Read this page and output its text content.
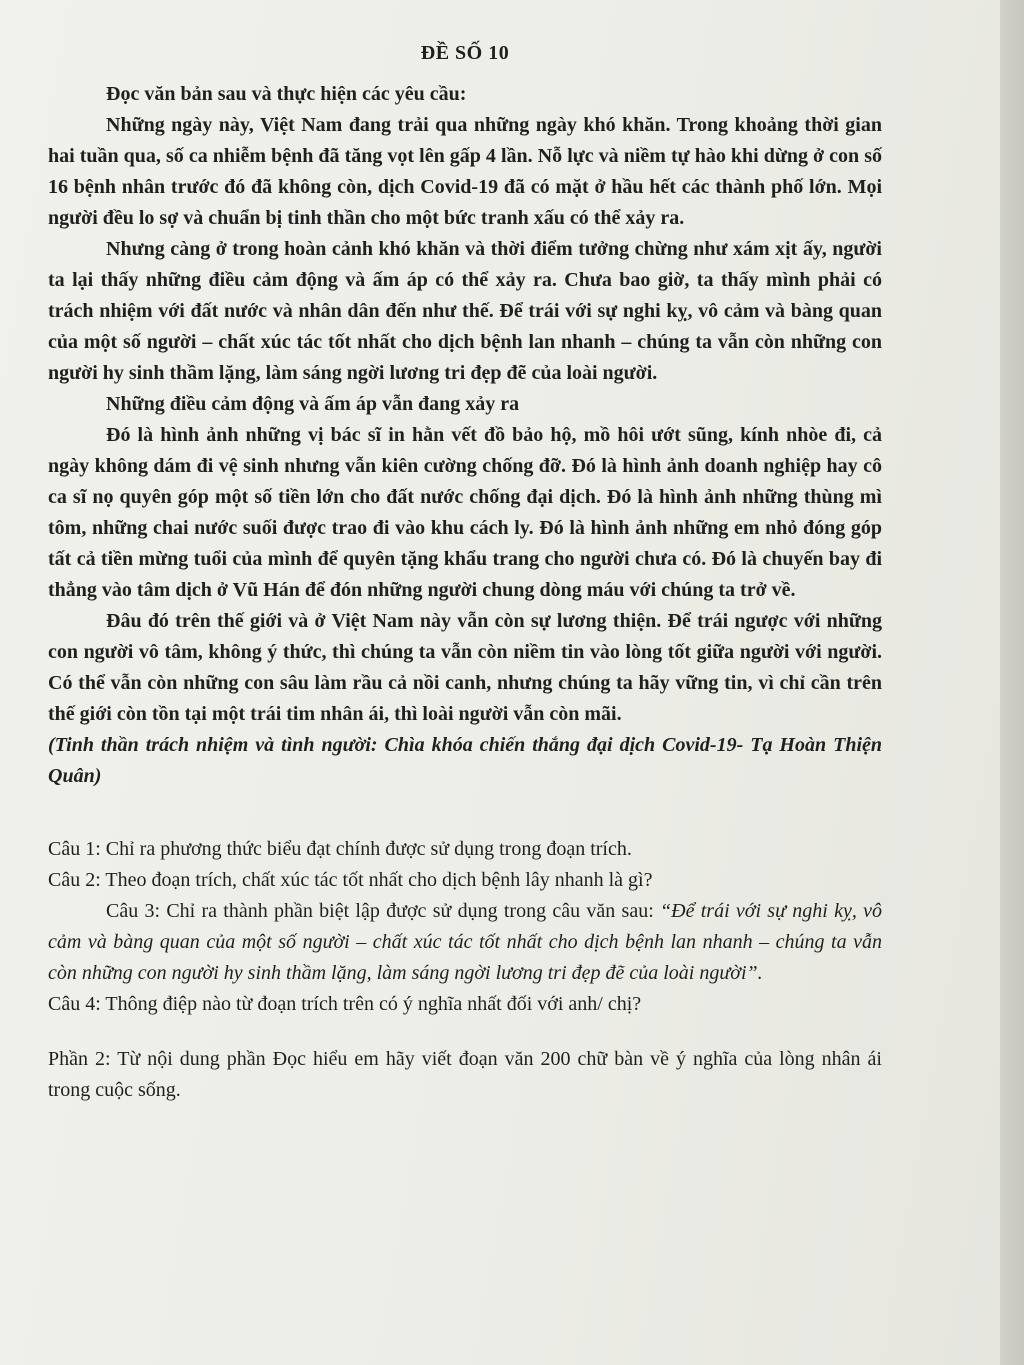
ĐỀ SỐ 10

Đọc văn bản sau và thực hiện các yêu cầu:

Những ngày này, Việt Nam đang trải qua những ngày khó khăn. Trong khoảng thời gian hai tuần qua, số ca nhiễm bệnh đã tăng vọt lên gấp 4 lần. Nỗ lực và niềm tự hào khi dừng ở con số 16 bệnh nhân trước đó đã không còn, dịch Covid-19 đã có mặt ở hầu hết các thành phố lớn. Mọi người đều lo sợ và chuẩn bị tinh thần cho một bức tranh xấu có thể xảy ra.

Nhưng càng ở trong hoàn cảnh khó khăn và thời điểm tưởng chừng như xám xịt ấy, người ta lại thấy những điều cảm động và ấm áp có thể xảy ra. Chưa bao giờ, ta thấy mình phải có trách nhiệm với đất nước và nhân dân đến như thế. Để trái với sự nghi kỵ, vô cảm và bàng quan của một số người – chất xúc tác tốt nhất cho dịch bệnh lan nhanh – chúng ta vẫn còn những con người hy sinh thầm lặng, làm sáng ngời lương tri đẹp đẽ của loài người.

Những điều cảm động và ấm áp vẫn đang xảy ra

Đó là hình ảnh những vị bác sĩ in hằn vết đồ bảo hộ, mồ hôi ướt sũng, kính nhòe đi, cả ngày không dám đi vệ sinh nhưng vẫn kiên cường chống đỡ. Đó là hình ảnh doanh nghiệp hay cô ca sĩ nọ quyên góp một số tiền lớn cho đất nước chống đại dịch. Đó là hình ảnh những thùng mì tôm, những chai nước suối được trao đi vào khu cách ly. Đó là hình ảnh những em nhỏ đóng góp tất cả tiền mừng tuổi của mình để quyên tặng khẩu trang cho người chưa có. Đó là chuyến bay đi thẳng vào tâm dịch ở Vũ Hán để đón những người chung dòng máu với chúng ta trở về.

Đâu đó trên thế giới và ở Việt Nam này vẫn còn sự lương thiện. Để trái ngược với những con người vô tâm, không ý thức, thì chúng ta vẫn còn niềm tin vào lòng tốt giữa người với người. Có thể vẫn còn những con sâu làm rầu cả nồi canh, nhưng chúng ta hãy vững tin, vì chỉ cần trên thế giới còn tồn tại một trái tim nhân ái, thì loài người vẫn còn mãi.

(Tinh thần trách nhiệm và tình người: Chìa khóa chiến thắng đại dịch Covid-19- Tạ Hoàn Thiện Quân)

Câu 1: Chỉ ra phương thức biểu đạt chính được sử dụng trong đoạn trích.

Câu 2: Theo đoạn trích, chất xúc tác tốt nhất cho dịch bệnh lây nhanh là gì?

Câu 3: Chỉ ra thành phần biệt lập được sử dụng trong câu văn sau: “Để trái với sự nghi kỵ, vô cảm và bàng quan của một số người – chất xúc tác tốt nhất cho dịch bệnh lan nhanh – chúng ta vẫn còn những con người hy sinh thầm lặng, làm sáng ngời lương tri đẹp đẽ của loài người”.

Câu 4: Thông điệp nào từ đoạn trích trên có ý nghĩa nhất đối với anh/ chị?

Phần 2: Từ nội dung phần Đọc hiểu em hãy viết đoạn văn 200 chữ bàn về ý nghĩa của lòng nhân ái trong cuộc sống.
